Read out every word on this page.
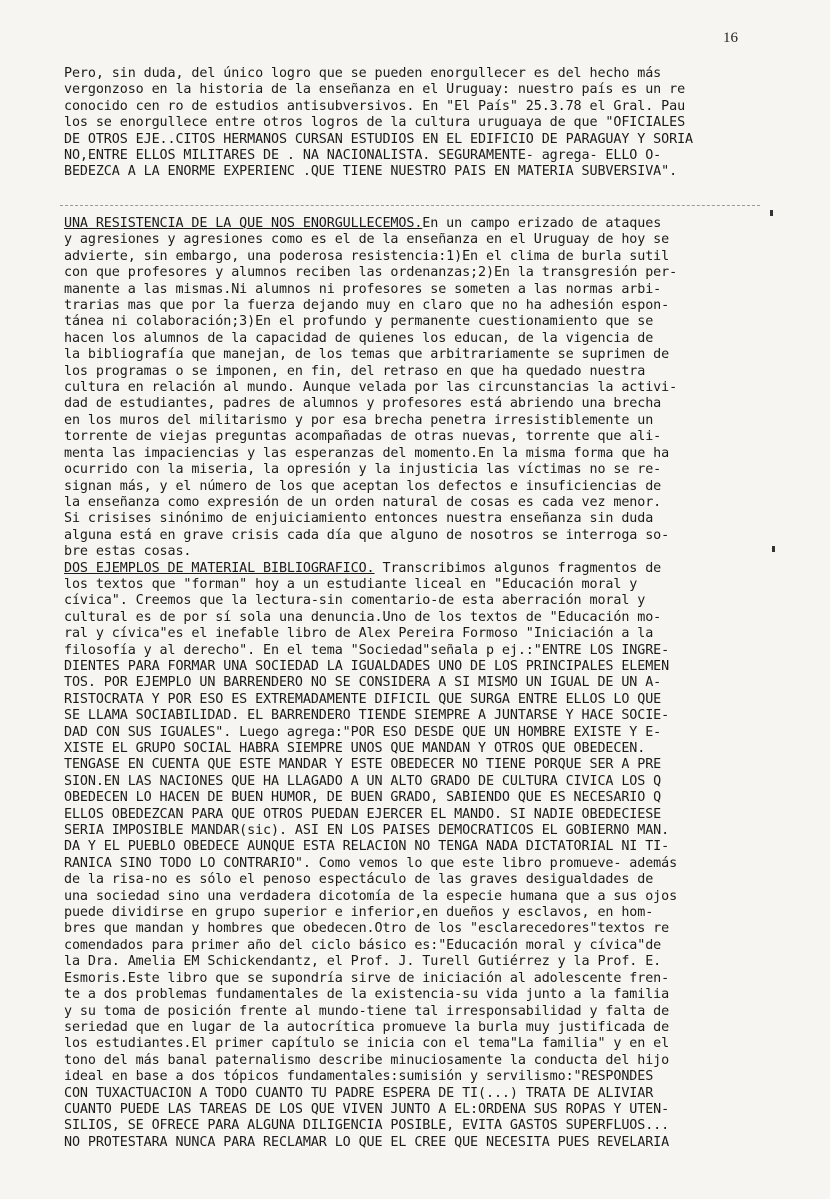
16
Pero, sin duda, del único logro que se pueden enorgullecer es del hecho más
vergonzoso en la historia de la enseñanza en el Uruguay: nuestro país es un re
conocido cen ro de estudios antisubversivos. En "El País" 25.3.78 el Gral. Pau
los se enorgullece entre otros logros de la cultura uruguaya de que "OFICIALES
DE OTROS EJE..CITOS HERMANOS CURSAN ESTUDIOS EN EL EDIFICIO DE PARAGUAY Y SORIA
NO,ENTRE ELLOS MILITARES DE . NA NACIONALISTA. SEGURAMENTE- agrega- ELLO O-
BEDEZCA A LA ENORME EXPERIENC .QUE TIENE NUESTRO PAIS EN MATERIA SUBVERSIVA".
UNA RESISTENCIA DE LA QUE NOS ENORGULLECEMOS.En un campo erizado de ataques
y agresiones y agresiones como es el de la enseñanza en el Uruguay de hoy se
advierte, sin embargo, una poderosa resistencia:1)En el clima de burla sutil
con que profesores y alumnos reciben las ordenanzas;2)En la transgresión per-
manente a las mismas.Ni alumnos ni profesores se someten a las normas arbi-
trarias mas que por la fuerza dejando muy en claro que no ha adhesión espon-
tánea ni colaboración;3)En el profundo y permanente cuestionamiento que se
hacen los alumnos de la capacidad de quienes los educan, de la vigencia de
la bibliografía que manejan, de los temas que arbitrariamente se suprimen de
los programas o se imponen, en fin, del retraso en que ha quedado nuestra
cultura en relación al mundo. Aunque velada por las circunstancias la activi-
dad de estudiantes, padres de alumnos y profesores está abriendo una brecha
en los muros del militarismo y por esa brecha penetra irresistiblemente un
torrente de viejas preguntas acompañadas de otras nuevas, torrente que ali-
menta las impaciencias y las esperanzas del momento.En la misma forma que ha
ocurrido con la miseria, la opresión y la injusticia las víctimas no se re-
signan más, y el número de los que aceptan los defectos e insuficiencias de
la enseñanza como expresión de un orden natural de cosas es cada vez menor.
Si crisises sinónimo de enjuiciamiento entonces nuestra enseñanza sin duda
alguna está en grave crisis cada día que alguno de nosotros se interroga so-
bre estas cosas.
DOS EJEMPLOS DE MATERIAL BIBLIOGRAFICO. Transcribimos algunos fragmentos de
los textos que "forman" hoy a un estudiante liceal en "Educación moral y
cívica". Creemos que la lectura-sin comentario-de esta aberración moral y
cultural es de por sí sola una denuncia.Uno de los textos de "Educación mo-
ral y cívica"es el inefable libro de Alex Pereira Formoso "Iniciación a la
filosofía y al derecho". En el tema "Sociedad"señala p ej.:"ENTRE LOS INGRE-
DIENTES PARA FORMAR UNA SOCIEDAD LA IGUALDADES UNO DE LOS PRINCIPALES ELEMEN
TOS. POR EJEMPLO UN BARRENDERO NO SE CONSIDERA A SI MISMO UN IGUAL DE UN A-
RISTOCRATA Y POR ESO ES EXTREMADAMENTE DIFICIL QUE SURGA ENTRE ELLOS LO QUE
SE LLAMA SOCIABILIDAD. EL BARRENDERO TIENDE SIEMPRE A JUNTARSE Y HACE SOCIE-
DAD CON SUS IGUALES". Luego agrega:"POR ESO DESDE QUE UN HOMBRE EXISTE Y E-
XISTE EL GRUPO SOCIAL HABRA SIEMPRE UNOS QUE MANDAN Y OTROS QUE OBEDECEN.
TENGASE EN CUENTA QUE ESTE MANDAR Y ESTE OBEDECER NO TIENE PORQUE SER A PRE
SION.EN LAS NACIONES QUE HA LLAGADO A UN ALTO GRADO DE CULTURA CIVICA LOS Q
OBEDECEN LO HACEN DE BUEN HUMOR, DE BUEN GRADO, SABIENDO QUE ES NECESARIO Q
ELLOS OBEDEZCAN PARA QUE OTROS PUEDAN EJERCER EL MANDO. SI NADIE OBEDECIESE
SERIA IMPOSIBLE MANDAR(sic). ASI EN LOS PAISES DEMOCRATICOS EL GOBIERNO MAN.
DA Y EL PUEBLO OBEDECE AUNQUE ESTA RELACION NO TENGA NADA DICTATORIAL NI TI-
RANICA SINO TODO LO CONTRARIO". Como vemos lo que este libro promueve- además
de la risa-no es sólo el penoso espectáculo de las graves desigualdades de
una sociedad sino una verdadera dicotomía de la especie humana que a sus ojos
puede dividirse en grupo superior e inferior,en dueños y esclavos, en hom-
bres que mandan y hombres que obedecen.Otro de los "esclarecedores"textos re
comendados para primer año del ciclo básico es:"Educación moral y cívica"de
la Dra. Amelia EM Schickendantz, el Prof. J. Turell Gutiérrez y la Prof. E.
Esmoris.Este libro que se supondría sirve de iniciación al adolescente fren-
te a dos problemas fundamentales de la existencia-su vida junto a la familia
y su toma de posición frente al mundo-tiene tal irresponsabilidad y falta de
seriedad que en lugar de la autocrítica promueve la burla muy justificada de
los estudiantes.El primer capítulo se inicia con el tema"La familia" y en el
tono del más banal paternalismo describe minuciosamente la conducta del hijo
ideal en base a dos tópicos fundamentales:sumisión y servilismo:"RESPONDES
CON TUXACTUACION A TODO CUANTO TU PADRE ESPERA DE TI(...) TRATA DE ALIVIAR
CUANTO PUEDE LAS TAREAS DE LOS QUE VIVEN JUNTO A EL:ORDENA SUS ROPAS Y UTEN-
SILIOS, SE OFRECE PARA ALGUNA DILIGENCIA POSIBLE, EVITA GASTOS SUPERFLUOS...
NO PROTESTARA NUNCA PARA RECLAMAR LO QUE EL CREE QUE NECESITA PUES REVELARIA
